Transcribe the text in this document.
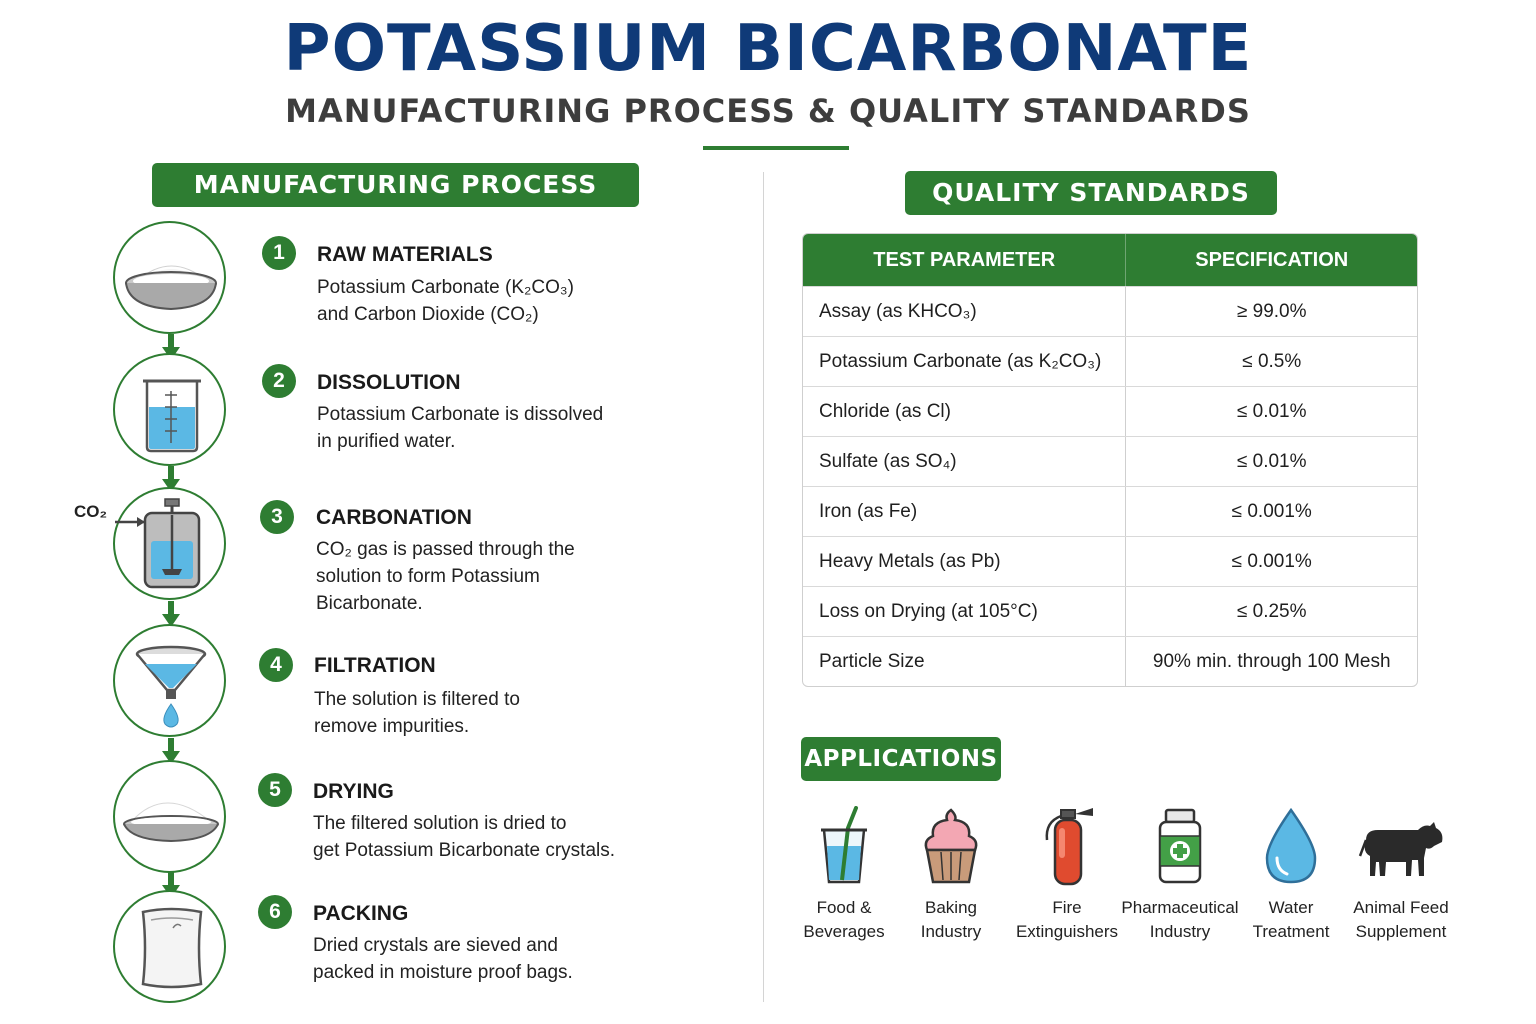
POTASSIUM BICARBONATE
MANUFACTURING PROCESS & QUALITY STANDARDS
MANUFACTURING PROCESS
1	RAW MATERIALS
Potassium Carbonate (K₂CO₃)
and Carbon Dioxide (CO₂)
2	DISSOLUTION
Potassium Carbonate is dissolved
in purified water.
CO₂	3	CARBONATION
CO₂ gas is passed through the
solution to form Potassium
Bicarbonate.
4	FILTRATION
The solution is filtered to
remove impurities.
5	DRYING
The filtered solution is dried to
get Potassium Bicarbonate crystals.
6	PACKING
Dried crystals are sieved and
packed in moisture proof bags.
QUALITY STANDARDS
TEST PARAMETER	SPECIFICATION
Assay (as KHCO₃)	≥ 99.0%
Potassium Carbonate (as K₂CO₃)	≤ 0.5%
Chloride (as Cl)	≤ 0.01%
Sulfate (as SO₄)	≤ 0.01%
Iron (as Fe)	≤ 0.001%
Heavy Metals (as Pb)	≤ 0.001%
Loss on Drying (at 105°C)	≤ 0.25%
Particle Size	90% min. through 100 Mesh
APPLICATIONS
Food &
Beverages
Baking
Industry
Fire
Extinguishers
Pharmaceutical
Industry
Water
Treatment
Animal Feed
Supplement
